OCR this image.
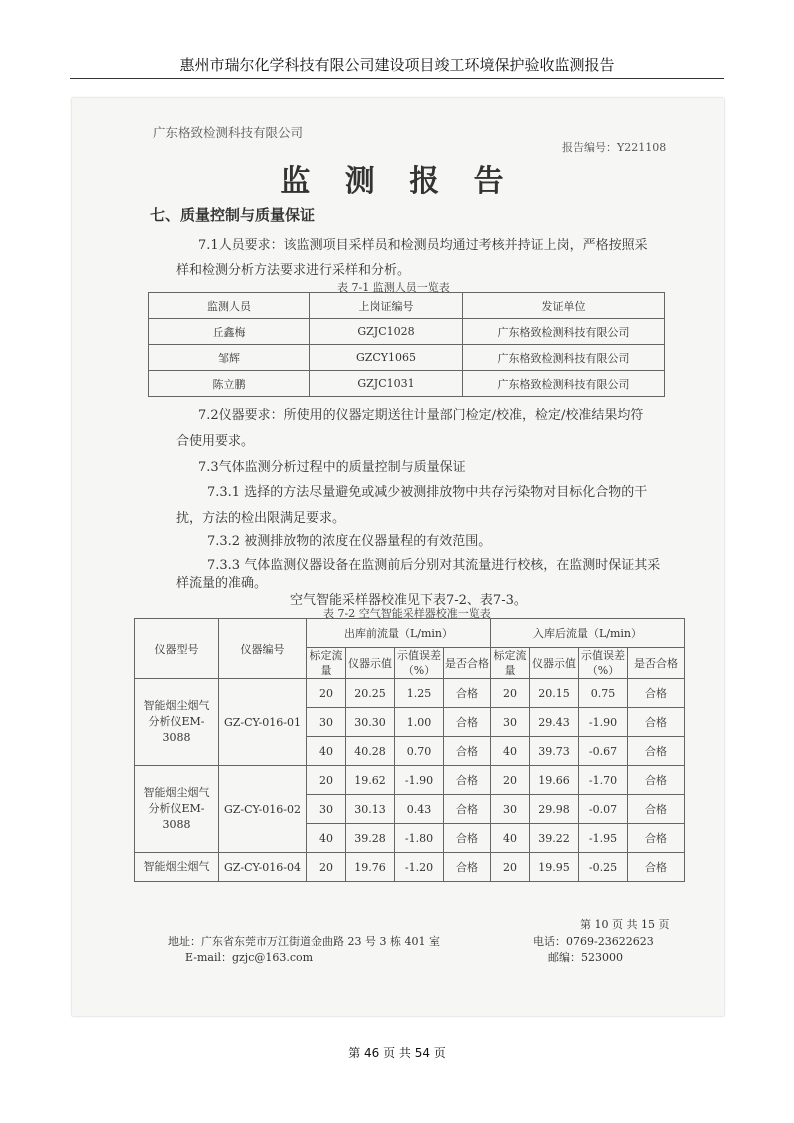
惠州市瑞尔化学科技有限公司建设项目竣工环境保护验收监测报告
广东格致检测科技有限公司
报告编号：Y221108
监 测 报 告
七、质量控制与质量保证
7.1人员要求：该监测项目采样员和检测员均通过考核并持证上岗，严格按照采
样和检测分析方法要求进行采样和分析。
表 7-1 监测人员一览表
监测人员	上岗证编号	发证单位
丘鑫梅	GZJC1028	广东格致检测科技有限公司
邹辉	GZCY1065	广东格致检测科技有限公司
陈立鹏	GZJC1031	广东格致检测科技有限公司
7.2仪器要求：所使用的仪器定期送往计量部门检定/校准，检定/校准结果均符
合使用要求。
7.3气体监测分析过程中的质量控制与质量保证
7.3.1 选择的方法尽量避免或减少被测排放物中共存污染物对目标化合物的干
扰，方法的检出限满足要求。
7.3.2 被测排放物的浓度在仪器量程的有效范围。
7.3.3 气体监测仪器设备在监测前后分别对其流量进行校核，在监测时保证其采
样流量的准确。
空气智能采样器校准见下表7-2、表7-3。
表 7-2 空气智能采样器校准一览表
仪器型号	仪器编号	出库前流量（L/min）				入库后流量（L/min）			
		标定流量	仪器示值	示值误差（%）	是否合格	标定流量	仪器示值	示值误差（%）	是否合格
智能烟尘烟气分析仪EM-3088	GZ-CY-016-01	20	20.25	1.25	合格	20	20.15	0.75	合格
		30	30.30	1.00	合格	30	29.43	-1.90	合格
		40	40.28	0.70	合格	40	39.73	-0.67	合格
智能烟尘烟气分析仪EM-3088	GZ-CY-016-02	20	19.62	-1.90	合格	20	19.66	-1.70	合格
		30	30.13	0.43	合格	30	29.98	-0.07	合格
		40	39.28	-1.80	合格	40	39.22	-1.95	合格
智能烟尘烟气	GZ-CY-016-04	20	19.76	-1.20	合格	20	19.95	-0.25	合格
第 10 页 共 15 页
地址：广东省东莞市万江街道金曲路 23 号 3 栋 401 室	电话：0769-23622623
E-mail：gzjc@163.com	邮编：523000
第 46 页 共 54 页
